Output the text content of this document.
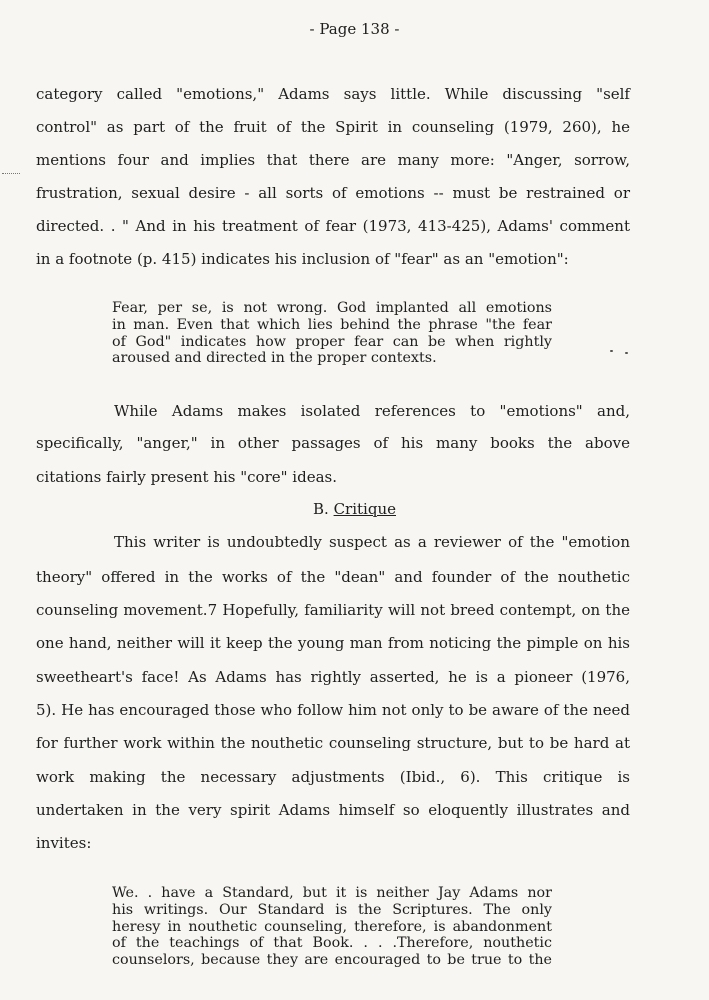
- Page 138 -
category called "emotions," Adams says little. While discussing "self
control" as part of the fruit of the Spirit in counseling (1979, 260), he
mentions four and implies that there are many more: "Anger, sorrow,
frustration, sexual desire - all sorts of emotions -- must be restrained or
directed. . " And in his treatment of fear (1973, 413-425), Adams' comment
in a footnote (p. 415) indicates his inclusion of "fear" as an "emotion":
Fear, per se, is not wrong. God implanted all emotions
in man. Even that which lies behind the phrase "the fear
of God" indicates how proper fear can be when rightly
aroused and directed in the proper contexts.
While Adams makes isolated references to "emotions" and,
specifically, "anger," in other passages of his many books the above
citations fairly present his "core" ideas.
B. Critique
This writer is undoubtedly suspect as a reviewer of the "emotion
theory" offered in the works of the "dean" and founder of the nouthetic
counseling movement.7 Hopefully, familiarity will not breed contempt, on the
one hand, neither will it keep the young man from noticing the pimple on his
sweetheart's face! As Adams has rightly asserted, he is a pioneer (1976,
5). He has encouraged those who follow him not only to be aware of the need
for further work within the nouthetic counseling structure, but to be hard at
work making the necessary adjustments (Ibid., 6). This critique is
undertaken in the very spirit Adams himself so eloquently illustrates and
invites:
We. . have a Standard, but it is neither Jay Adams nor
his writings. Our Standard is the Scriptures. The only
heresy in nouthetic counseling, therefore, is abandonment
of the teachings of that Book. . . .Therefore, nouthetic
counselors, because they are encouraged to be true to the
